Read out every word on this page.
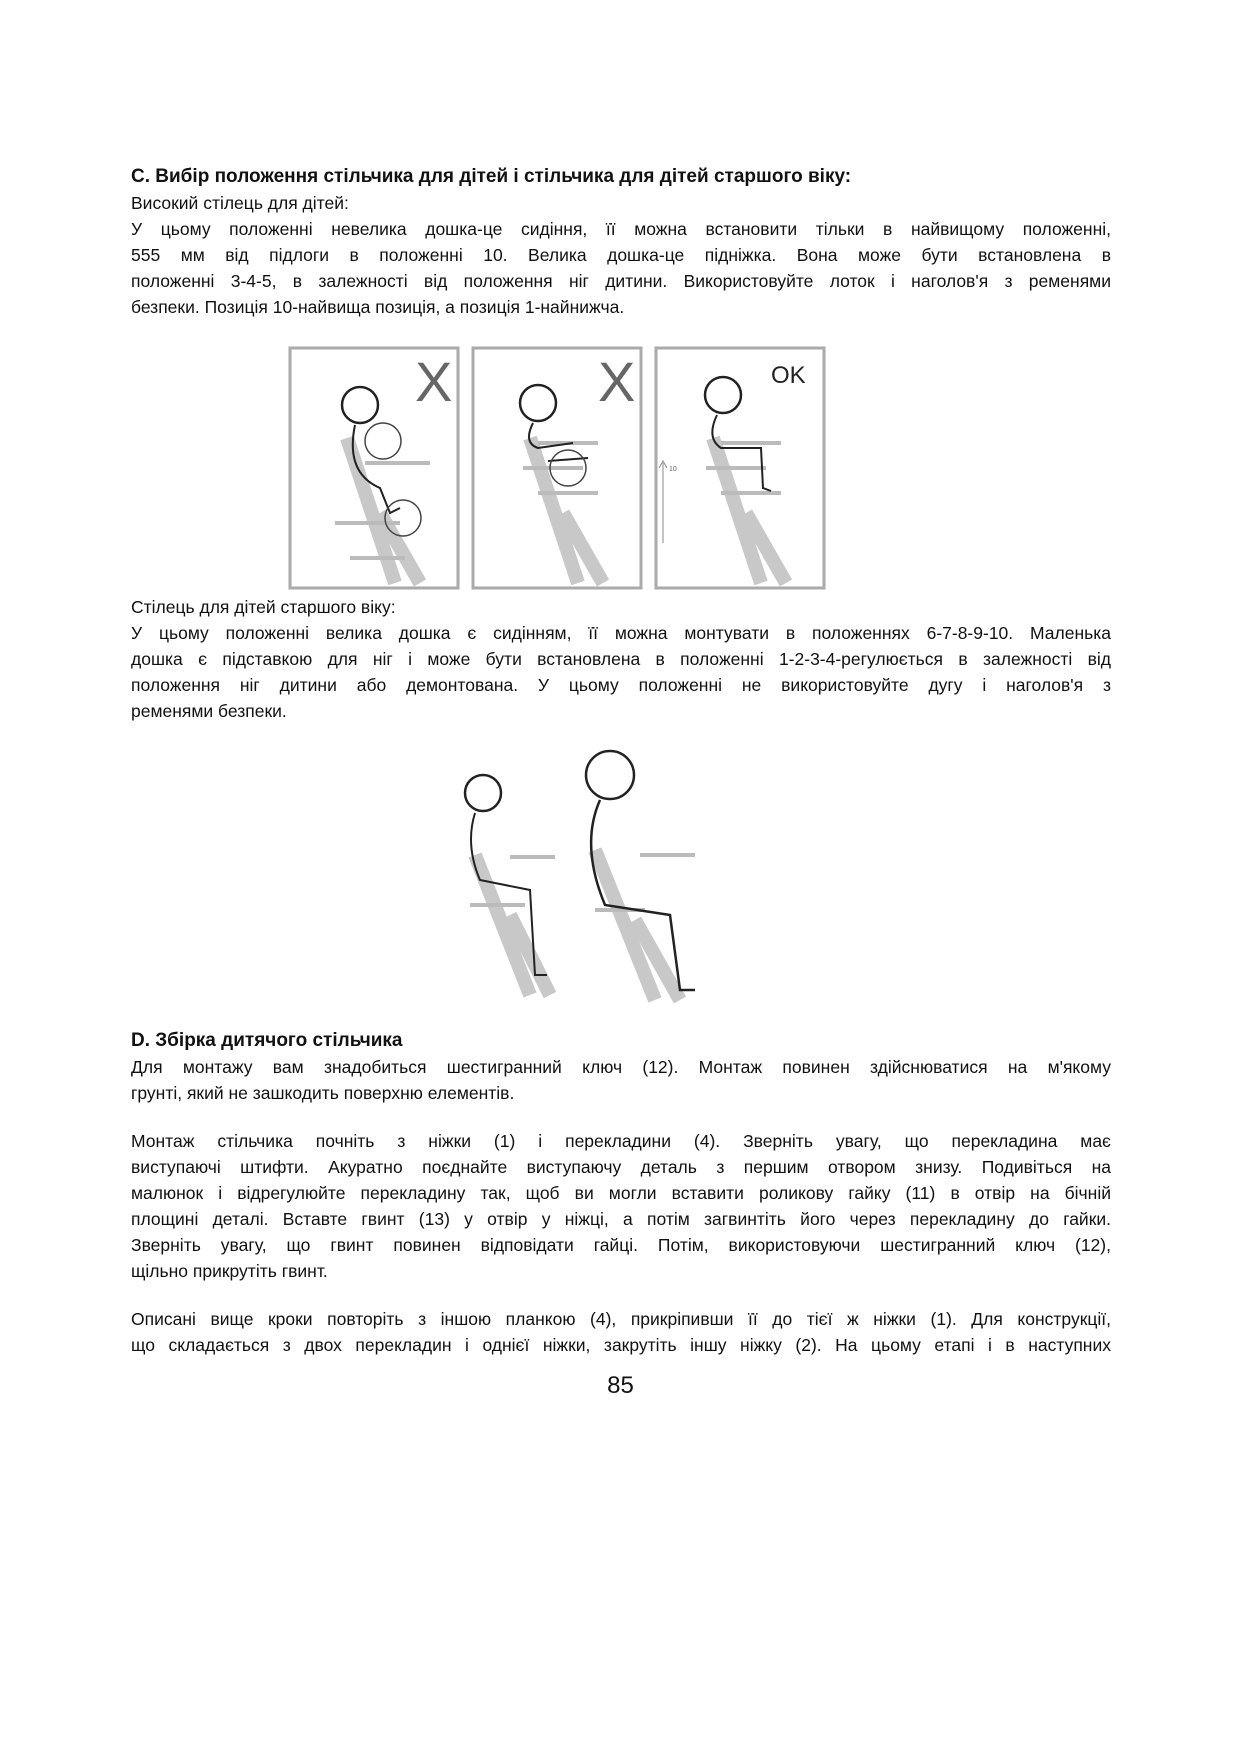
С. Вибір положення стільчика для дітей і стільчика для дітей старшого віку:
Високий стілець для дітей:
У цьому положенні невелика дошка-це сидіння, її можна встановити тільки в найвищому положенні,
555 мм від підлоги в положенні 10. Велика дошка-це підніжка. Вона може бути встановлена в
положенні 3-4-5, в залежності від положення ніг дитини. Використовуйте лоток і наголов'я з ременями
безпеки. Позиція 10-найвища позиція, а позиція 1-найнижча.
X	X
10
OK
Стілець для дітей старшого віку:
У цьому положенні велика дошка є сидінням, її можна монтувати в положеннях 6-7-8-9-10. Маленька
дошка є підставкою для ніг і може бути встановлена в положенні 1-2-3-4-регулюється в залежності від
положення ніг дитини або демонтована. У цьому положенні не використовуйте дугу і наголов'я з
ременями безпеки.
D. Збірка дитячого стільчика
Для монтажу вам знадобиться шестигранний ключ (12). Монтаж повинен здійснюватися на м'якому
грунті, який не зашкодить поверхню елементів.
Монтаж стільчика почніть з ніжки (1) і перекладини (4). Зверніть увагу, що перекладина має
виступаючі штифти. Акуратно поєднайте виступаючу деталь з першим отвором знизу. Подивіться на
малюнок і відрегулюйте перекладину так, щоб ви могли вставити роликову гайку (11) в отвір на бічній
площині деталі. Вставте гвинт (13) у отвір у ніжці, а потім загвинтіть його через перекладину до гайки.
Зверніть увагу, що гвинт повинен відповідати гайці. Потім, використовуючи шестигранний ключ (12),
щільно прикрутіть гвинт.
Описані вище кроки повторіть з іншою планкою (4), прикріпивши її до тієї ж ніжки (1). Для конструкції,
що складається з двох перекладин і однієї ніжки, закрутіть іншу ніжку (2). На цьому етапі і в наступних
85
